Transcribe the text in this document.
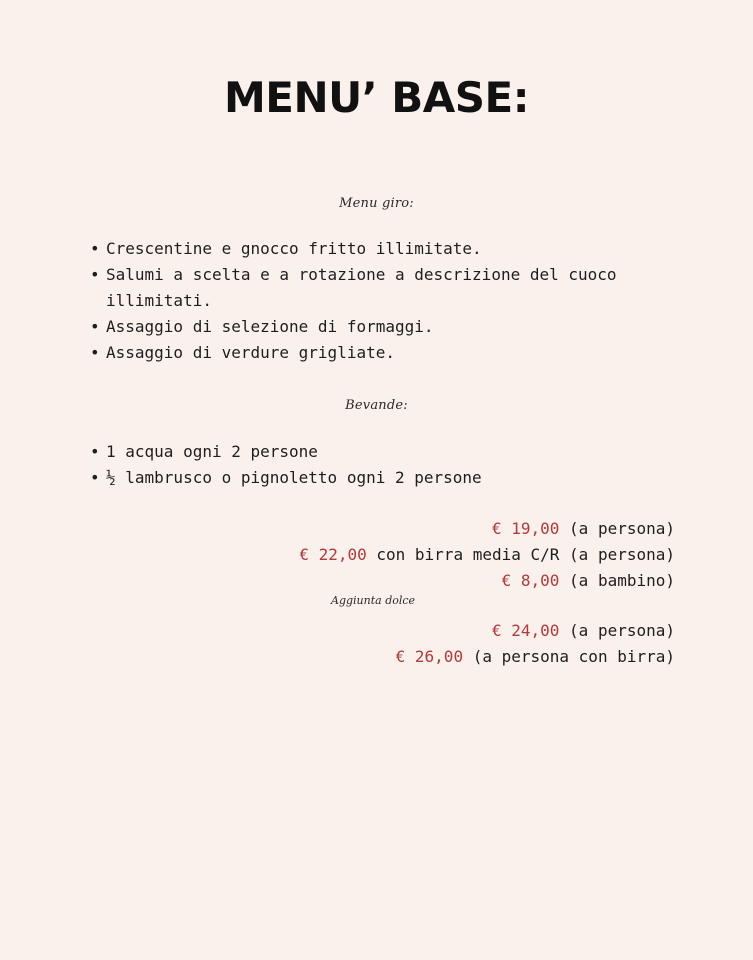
MENU’ BASE:
Menu giro:
• Crescentine e gnocco fritto illimitate.
• Salumi a scelta e a rotazione a descrizione del cuoco illimitati.
• Assaggio di selezione di formaggi.
• Assaggio di verdure grigliate.
Bevande:
• 1 acqua ogni 2 persone
• ½ lambrusco o pignoletto ogni 2 persone
€ 19,00 (a persona)
€ 22,00 con birra media C/R (a persona)
€ 8,00 (a bambino)
Aggiunta dolce
€ 24,00 (a persona)
€ 26,00 (a persona con birra)
